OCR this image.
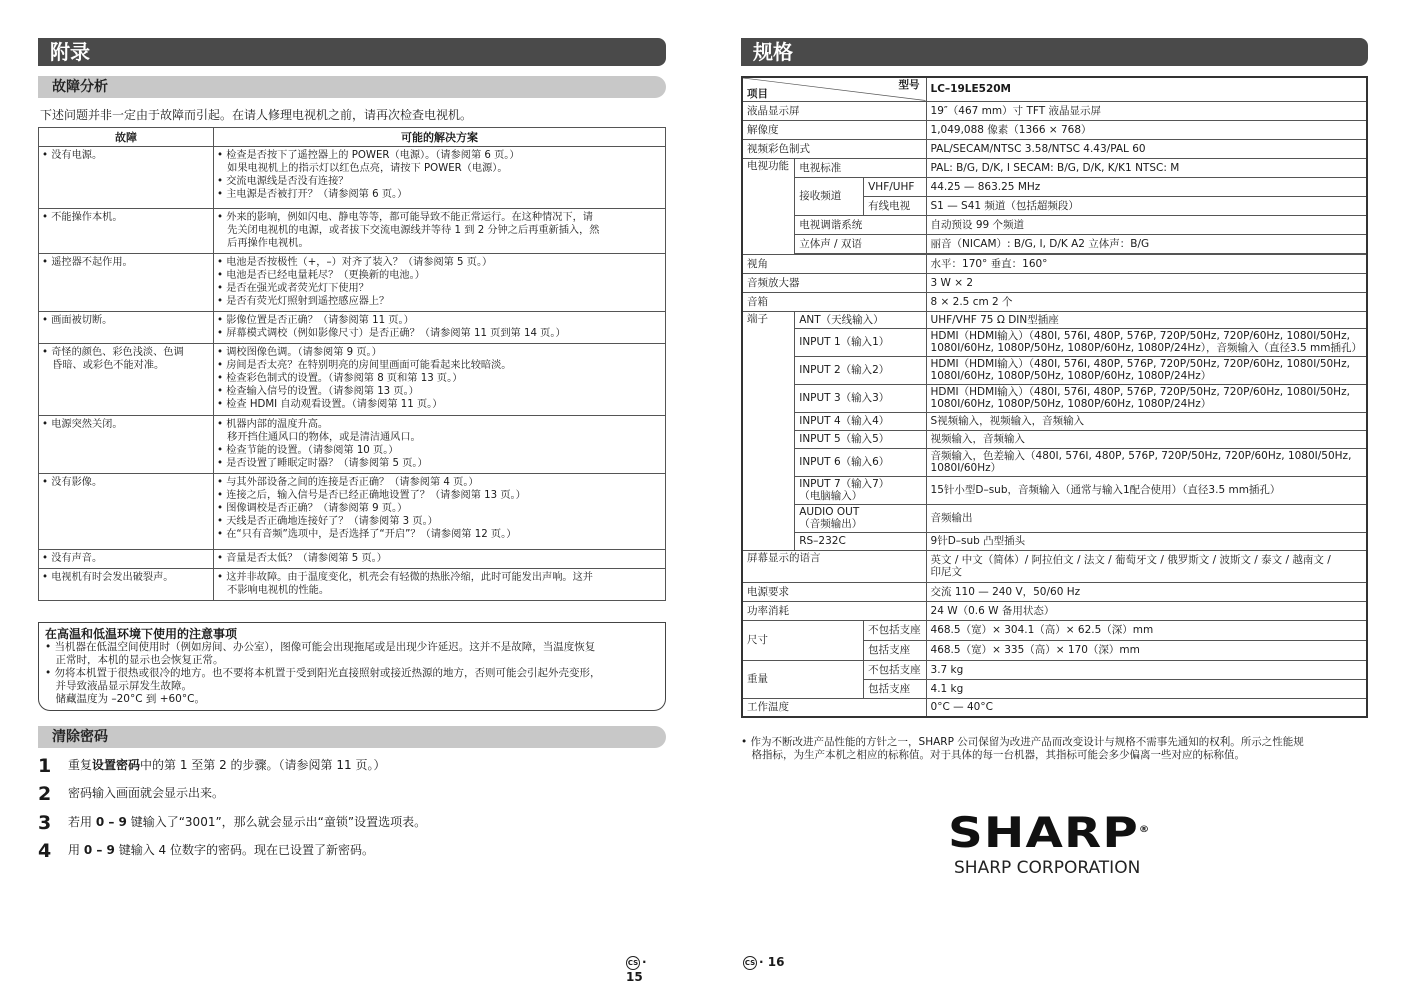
附录
故障分析
下述问题并非一定由于故障而引起。在请人修理电视机之前，请再次检查电视机。
故障	可能的解决方案

• 没有电源。	• 检查是否按下了遥控器上的 POWER（电源）。（请参阅第 6 页。）
　如果电视机上的指示灯以红色点亮，请按下 POWER（电源）。
• 交流电源线是否没有连接？
• 主电源是否被打开？（请参阅第 6 页。）

• 不能操作本机。	• 外来的影响，例如闪电、静电等等，都可能导致不能正常运行。在这种情况下，请
　先关闭电视机的电源，或者拔下交流电源线并等待 1 到 2 分钟之后再重新插入，然
　后再操作电视机。

• 遥控器不起作用。	• 电池是否按极性（+，–）对齐了装入？（请参阅第 5 页。）
• 电池是否已经电量耗尽？（更换新的电池。）
• 是否在强光或者荧光灯下使用？
• 是否有荧光灯照射到遥控感应器上？

• 画面被切断。	• 影像位置是否正确？（请参阅第 11 页。）
• 屏幕模式调校（例如影像尺寸）是否正确？（请参阅第 11 页到第 14 页。）

• 奇怪的颜色、彩色浅淡、色调
　昏暗、或彩色不能对准。	• 调校图像色调。（请参阅第 9 页。）
• 房间是否太亮？在特别明亮的房间里画面可能看起来比较暗淡。
• 检查彩色制式的设置。（请参阅第 8 页和第 13 页。）
• 检查输入信号的设置。（请参阅第 13 页。）
• 检查 HDMI 自动观看设置。（请参阅第 11 页。）

• 电源突然关闭。	• 机器内部的温度升高。
　移开挡住通风口的物体，或是清洁通风口。
• 检查节能的设置。（请参阅第 10 页。）
• 是否设置了睡眠定时器？（请参阅第 5 页。）

• 没有影像。	• 与其外部设备之间的连接是否正确？（请参阅第 4 页。）
• 连接之后，输入信号是否已经正确地设置了？（请参阅第 13 页。）
• 图像调校是否正确？（请参阅第 9 页。）
• 天线是否正确地连接好了？（请参阅第 3 页。）
• 在“只有音频”选项中，是否选择了“开启”？（请参阅第 12 页。）

• 没有声音。	• 音量是否太低？（请参阅第 5 页。）

• 电视机有时会发出破裂声。	• 这并非故障。由于温度变化，机壳会有轻微的热胀冷缩，此时可能发出声响。这并
　不影响电视机的性能。
在高温和低温环境下使用的注意事项
• 当机器在低温空间使用时（例如房间、办公室），图像可能会出现拖尾或是出现少许延迟。这并不是故障，当温度恢复
　正常时，本机的显示也会恢复正常。
• 勿将本机置于很热或很冷的地方。也不要将本机置于受到阳光直接照射或接近热源的地方，否则可能会引起外壳变形，
　并导致液晶显示屏发生故障。
　储藏温度为 –20°C 到 +60°C。
清除密码
1 重复设置密码中的第 1 至第 2 的步骤。（请参阅第 11 页。）
2 密码输入画面就会显示出来。
3 若用 0 – 9 键输入了“3001”，那么就会显示出“童锁”设置选项表。
4 用 0 – 9 键输入 4 位数字的密码。现在已设置了新密码。
CS · 15
规格
型号
项目			LC–19LE520M
液晶显示屏			19″（467 mm）寸 TFT 液晶显示屏
解像度			1,049,088 像素（1366 × 768）
视频彩色制式			PAL/SECAM/NTSC 3.58/NTSC 4.43/PAL 60
电视功能	电视标准		PAL: B/G, D/K, I SECAM: B/G, D/K, K/K1 NTSC: M
	接收频道	VHF/UHF	44.25 — 863.25 MHz
		有线电视	S1 — S41 频道（包括超频段）
	电视调谐系统		自动预设 99 个频道
	立体声 / 双语		丽音（NICAM）: B/G, I, D/K A2 立体声：B/G

视角			水平：170° 垂直：160°
音频放大器			3 W × 2
音箱			8 × 2.5 cm 2 个
端子	ANT（天线输入）		UHF/VHF 75 Ω DIN型插座

	INPUT 1（输入1）		HDMI（HDMI输入）（480I, 576I, 480P, 576P, 720P/50Hz, 720P/60Hz, 1080I/50Hz,
1080I/60Hz, 1080P/50Hz, 1080P/60Hz, 1080P/24Hz），音频输入（直径3.5 mm插孔）

	INPUT 2（输入2）		HDMI（HDMI输入）（480I, 576I, 480P, 576P, 720P/50Hz, 720P/60Hz, 1080I/50Hz,
1080I/60Hz, 1080P/50Hz, 1080P/60Hz, 1080P/24Hz）

	INPUT 3（输入3）		HDMI（HDMI输入）（480I, 576I, 480P, 576P, 720P/50Hz, 720P/60Hz, 1080I/50Hz,
1080I/60Hz, 1080P/50Hz, 1080P/60Hz, 1080P/24Hz）

	INPUT 4（输入4）		S视频输入，视频输入，音频输入

	INPUT 5（输入5）		视频输入，音频输入

	INPUT 6（输入6）		音频输入，色差输入（480I, 576I, 480P, 576P, 720P/50Hz, 720P/60Hz, 1080I/50Hz,
1080I/60Hz）

	INPUT 7（输入7）
（电脑输入）		15针小型D–sub，音频输入（通常与输入1配合使用）（直径3.5 mm插孔）

	AUDIO OUT
（音频输出）		音频输出

	RS–232C		9针D–sub 凸型插头

屏幕显示的语言			英文 / 中文（简体）/ 阿拉伯文 / 法文 / 葡萄牙文 / 俄罗斯文 / 波斯文 / 泰文 / 越南文 /
印尼文

电源要求			交流 110 — 240 V，50/60 Hz
功率消耗			24 W（0.6 W 备用状态）
尺寸		不包括支座	468.5（宽）× 304.1（高）× 62.5（深）mm
		包括支座	468.5（宽）× 335（高）× 170（深）mm
重量		不包括支座	3.7 kg
		包括支座	4.1 kg
工作温度			0°C — 40°C
• 作为不断改进产品性能的方针之一，SHARP 公司保留为改进产品而改变设计与规格不需事先通知的权利。所示之性能规
　格指标，为生产本机之相应的标称值。对于具体的每一台机器，其指标可能会多少偏离一些对应的标称值。
SHARP®
SHARP CORPORATION
CS · 16
